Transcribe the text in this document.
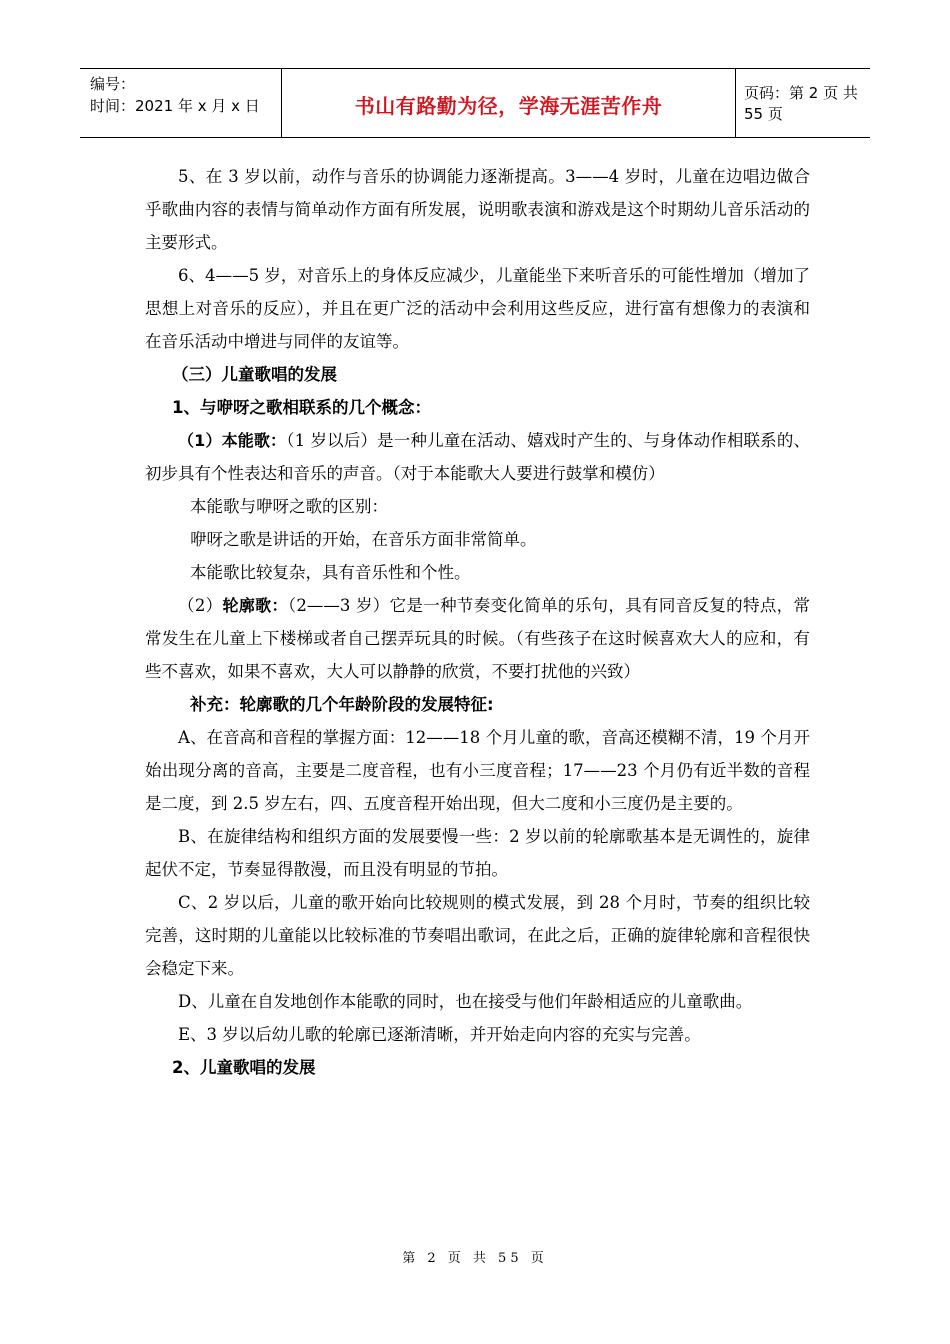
编号：
时间：2021 年 x 月 x 日	书山有路勤为径，学海无涯苦作舟
页码：第 2 页 共 55 页

5、在 3 岁以前，动作与音乐的协调能力逐渐提高。3——4 岁时，儿童在边唱边做合乎歌曲内容的表情与简单动作方面有所发展，说明歌表演和游戏是这个时期幼儿音乐活动的主要形式。

6、4——5 岁，对音乐上的身体反应减少，儿童能坐下来听音乐的可能性增加（增加了思想上对音乐的反应），并且在更广泛的活动中会利用这些反应，进行富有想像力的表演和在音乐活动中增进与同伴的友谊等。

（三）儿童歌唱的发展

1、与咿呀之歌相联系的几个概念：

（1）本能歌：（1 岁以后）是一种儿童在活动、嬉戏时产生的、与身体动作相联系的、初步具有个性表达和音乐的声音。（对于本能歌大人要进行鼓掌和模仿）

本能歌与咿呀之歌的区别：

咿呀之歌是讲话的开始，在音乐方面非常简单。

本能歌比较复杂，具有音乐性和个性。

（2）轮廓歌：（2——3 岁）它是一种节奏变化简单的乐句，具有同音反复的特点，常常发生在儿童上下楼梯或者自己摆弄玩具的时候。（有些孩子在这时候喜欢大人的应和，有些不喜欢，如果不喜欢，大人可以静静的欣赏，不要打扰他的兴致）

补充：轮廓歌的几个年龄阶段的发展特征:

A、在音高和音程的掌握方面：12——18 个月儿童的歌，音高还模糊不清，19 个月开始出现分离的音高，主要是二度音程，也有小三度音程；17——23 个月仍有近半数的音程是二度，到 2.5 岁左右，四、五度音程开始出现，但大二度和小三度仍是主要的。

B、在旋律结构和组织方面的发展要慢一些：2 岁以前的轮廓歌基本是无调性的，旋律起伏不定，节奏显得散漫，而且没有明显的节拍。

C、2 岁以后，儿童的歌开始向比较规则的模式发展，到 28 个月时，节奏的组织比较完善，这时期的儿童能以比较标准的节奏唱出歌词，在此之后，正确的旋律轮廓和音程很快会稳定下来。

D、儿童在自发地创作本能歌的同时，也在接受与他们年龄相适应的儿童歌曲。

E、3 岁以后幼儿歌的轮廓已逐渐清晰，并开始走向内容的充实与完善。

2、儿童歌唱的发展

第 2 页 共 55 页
